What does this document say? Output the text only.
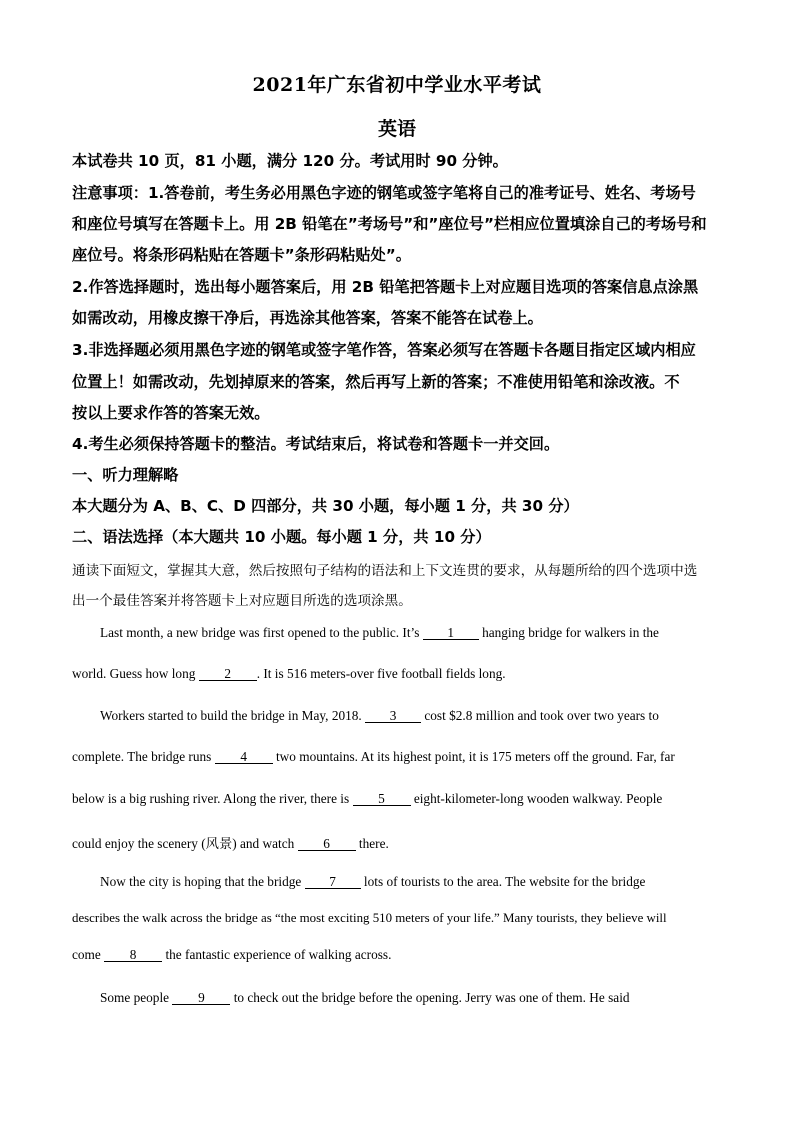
2021年广东省初中学业水平考试
英语
本试卷共 10 页，81 小题，满分 120 分。考试用时 90 分钟。
注意事项：1.答卷前，考生务必用黑色字迹的钢笔或签字笔将自己的准考证号、姓名、考场号
和座位号填写在答题卡上。用 2B 铅笔在”考场号”和”座位号”栏相应位置填涂自己的考场号和
座位号。将条形码粘贴在答题卡”条形码粘贴处”。
2.作答选择题时，选出每小题答案后，用 2B 铅笔把答题卡上对应题目选项的答案信息点涂黑
如需改动，用橡皮擦干净后，再选涂其他答案，答案不能答在试卷上。
3.非选择题必须用黑色字迹的钢笔或签字笔作答，答案必须写在答题卡各题目指定区域内相应
位置上！如需改动，先划掉原来的答案，然后再写上新的答案；不准使用铅笔和涂改液。不
按以上要求作答的答案无效。
4.考生必须保持答题卡的整洁。考试结束后，将试卷和答题卡一并交回。
一、听力理解略
本大题分为 A、B、C、D 四部分，共 30 小题，每小题 1 分，共 30 分）
二、语法选择（本大题共 10 小题。每小题 1 分，共 10 分）
通读下面短文，掌握其大意，然后按照句子结构的语法和上下文连贯的要求，从每题所给的四个选项中选
出一个最佳答案并将答题卡上对应题目所选的选项涂黑。
Last month, a new bridge was first opened to the public. It’s 1 hanging bridge for walkers in the
world. Guess how long 2 . It is 516 meters-over five football fields long.
Workers started to build the bridge in May, 2018. 3 cost $2.8 million and took over two years to
complete. The bridge runs 4 two mountains. At its highest point, it is 175 meters off the ground. Far, far
below is a big rushing river. Along the river, there is 5 eight-kilometer-long wooden walkway. People
could enjoy the scenery (风景) and watch 6 there.
Now the city is hoping that the bridge 7 lots of tourists to the area. The website for the bridge
describes the walk across the bridge as “the most exciting 510 meters of your life.” Many tourists, they believe will
come 8 the fantastic experience of walking across.
Some people 9 to check out the bridge before the opening. Jerry was one of them. He said
